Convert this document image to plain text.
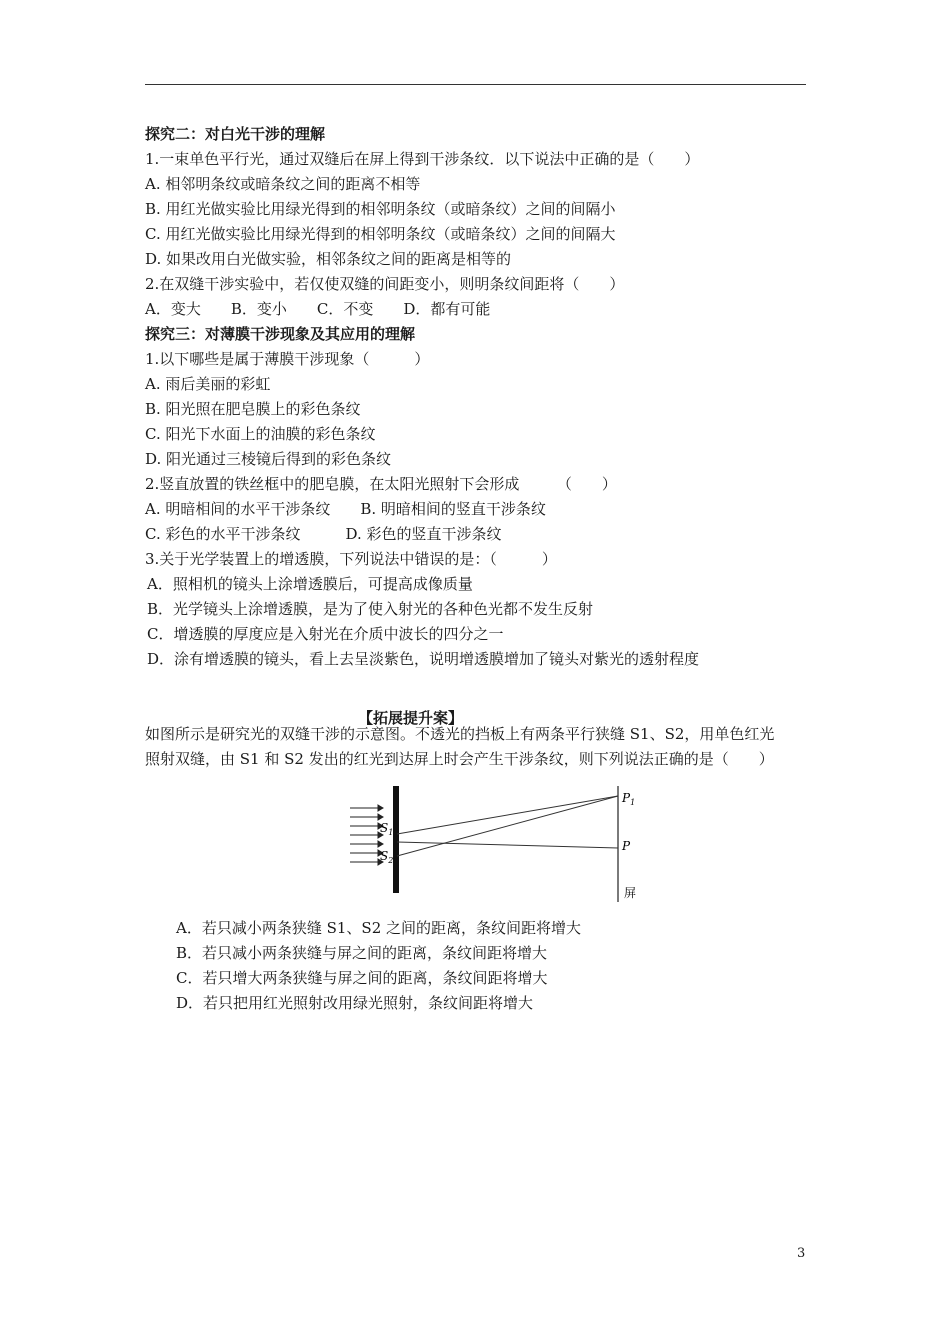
探究二：对白光干涉的理解
1.一束单色平行光，通过双缝后在屏上得到干涉条纹．以下说法中正确的是（　　）
A. 相邻明条纹或暗条纹之间的距离不相等
B. 用红光做实验比用绿光得到的相邻明条纹（或暗条纹）之间的间隔小
C. 用红光做实验比用绿光得到的相邻明条纹（或暗条纹）之间的间隔大
D. 如果改用白光做实验，相邻条纹之间的距离是相等的
2.在双缝干涉实验中，若仅使双缝的间距变小，则明条纹间距将（　　）
A．变大　　B．变小　　C．不变　　D．都有可能
探究三：对薄膜干涉现象及其应用的理解
1.以下哪些是属于薄膜干涉现象（　　　）
A. 雨后美丽的彩虹
B. 阳光照在肥皂膜上的彩色条纹
C. 阳光下水面上的油膜的彩色条纹
D. 阳光通过三棱镜后得到的彩色条纹
2.竖直放置的铁丝框中的肥皂膜，在太阳光照射下会形成　　　（　　）
A. 明暗相间的水平干涉条纹　　B. 明暗相间的竖直干涉条纹
C. 彩色的水平干涉条纹　　　D. 彩色的竖直干涉条纹
3.关于光学装置上的增透膜，下列说法中错误的是：（　　　）
A．照相机的镜头上涂增透膜后，可提高成像质量
B．光学镜头上涂增透膜，是为了使入射光的各种色光都不发生反射
C．增透膜的厚度应是入射光在介质中波长的四分之一
D．涂有增透膜的镜头，看上去呈淡紫色，说明增透膜增加了镜头对紫光的透射程度
【拓展提升案】
如图所示是研究光的双缝干涉的示意图。不透光的挡板上有两条平行狭缝 S1、S2，用单色红光
照射双缝，由 S1 和 S2 发出的红光到达屏上时会产生干涉条纹，则下列说法正确的是（　　）
$S_1$
$S_2$
$P_1$
P
屏
A．若只减小两条狭缝 S1、S2 之间的距离，条纹间距将增大
B．若只减小两条狭缝与屏之间的距离，条纹间距将增大
C．若只增大两条狭缝与屏之间的距离，条纹间距将增大
D．若只把用红光照射改用绿光照射，条纹间距将增大
3
